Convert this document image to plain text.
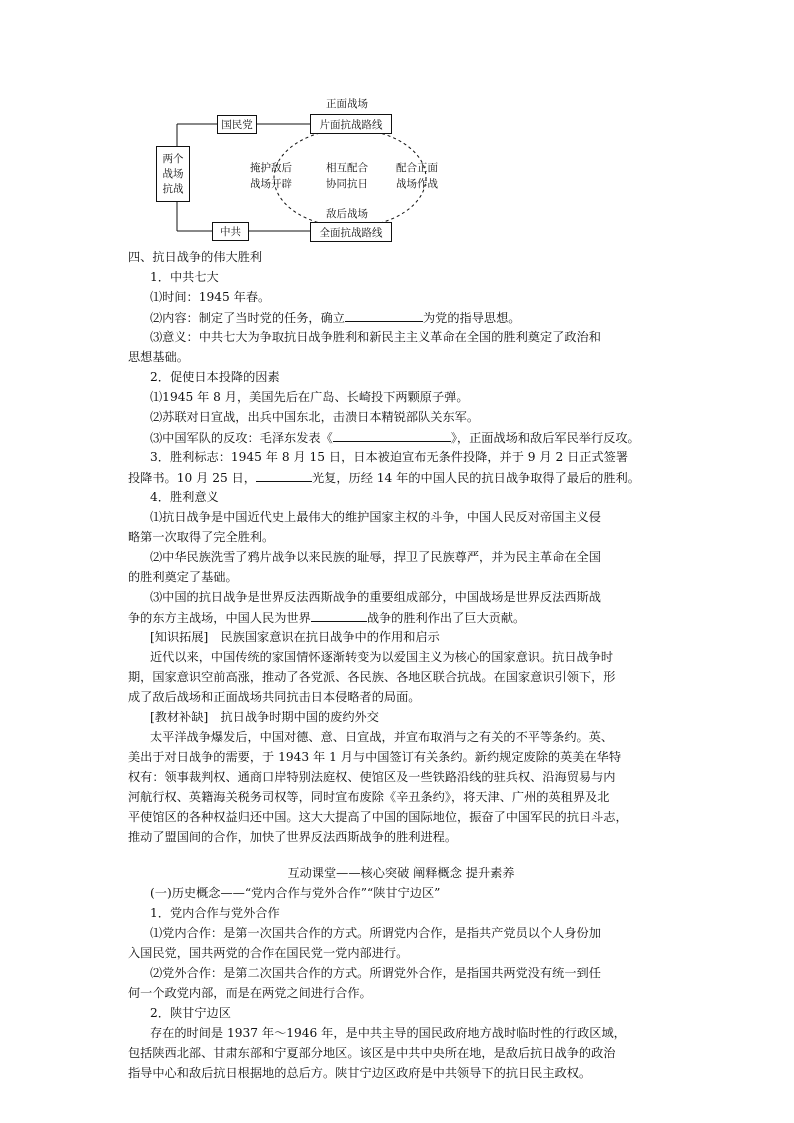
两个
战场
抗战
国民党
中共
正面战场
片面抗战路线
敌后战场
全面抗战路线
掩护敌后
战场开辟
相互配合
协同抗日
配合正面
战场作战
四、抗日战争的伟大胜利
1．中共七大
⑴时间：1945 年春。
⑵内容：制定了当时党的任务，确立	为党的指导思想。
⑶意义：中共七大为争取抗日战争胜利和新民主主义革命在全国的胜利奠定了政治和
思想基础。
2．促使日本投降的因素
⑴1945 年 8 月，美国先后在广岛、长崎投下两颗原子弹。
⑵苏联对日宣战，出兵中国东北，击溃日本精锐部队关东军。
⑶中国军队的反攻：毛泽东发表《	》，正面战场和敌后军民举行反攻。
3．胜利标志：1945 年 8 月 15 日，日本被迫宣布无条件投降，并于 9 月 2 日正式签署
投降书。10 月 25 日，	光复，历经 14 年的中国人民的抗日战争取得了最后的胜利。
4．胜利意义
⑴抗日战争是中国近代史上最伟大的维护国家主权的斗争，中国人民反对帝国主义侵
略第一次取得了完全胜利。
⑵中华民族洗雪了鸦片战争以来民族的耻辱，捍卫了民族尊严，并为民主革命在全国
的胜利奠定了基础。
⑶中国的抗日战争是世界反法西斯战争的重要组成部分，中国战场是世界反法西斯战
争的东方主战场，中国人民为世界	战争的胜利作出了巨大贡献。
[知识拓展]　民族国家意识在抗日战争中的作用和启示
近代以来，中国传统的家国情怀逐渐转变为以爱国主义为核心的国家意识。抗日战争时
期，国家意识空前高涨，推动了各党派、各民族、各地区联合抗战。在国家意识引领下，形
成了敌后战场和正面战场共同抗击日本侵略者的局面。
[教材补缺]　抗日战争时期中国的废约外交
太平洋战争爆发后，中国对德、意、日宣战，并宣布取消与之有关的不平等条约。英、
美出于对日战争的需要，于 1943 年 1 月与中国签订有关条约。新约规定废除的英美在华特
权有：领事裁判权、通商口岸特别法庭权、使馆区及一些铁路沿线的驻兵权、沿海贸易与内
河航行权、英籍海关税务司权等，同时宣布废除《辛丑条约》，将天津、广州的英租界及北
平使馆区的各种权益归还中国。这大大提高了中国的国际地位，振奋了中国军民的抗日斗志，
推动了盟国间的合作，加快了世界反法西斯战争的胜利进程。
互动课堂——核心突破 阐释概念 提升素养
(一)历史概念——“党内合作与党外合作”“陕甘宁边区”
1．党内合作与党外合作
⑴党内合作：是第一次国共合作的方式。所谓党内合作，是指共产党员以个人身份加
入国民党，国共两党的合作在国民党一党内部进行。
⑵党外合作：是第二次国共合作的方式。所谓党外合作，是指国共两党没有统一到任
何一个政党内部，而是在两党之间进行合作。
2．陕甘宁边区
存在的时间是 1937 年～1946 年，是中共主导的国民政府地方战时临时性的行政区域，
包括陕西北部、甘肃东部和宁夏部分地区。该区是中共中央所在地，是敌后抗日战争的政治
指导中心和敌后抗日根据地的总后方。陕甘宁边区政府是中共领导下的抗日民主政权。
